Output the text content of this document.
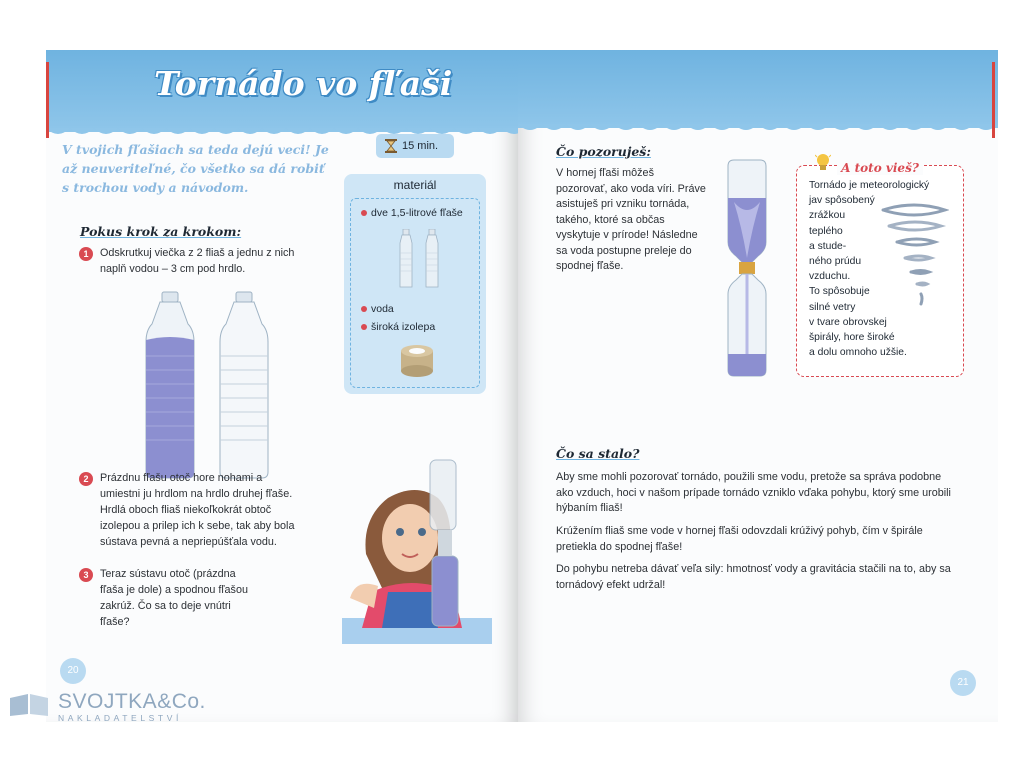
Tornádo vo fľaši
V tvojich fľašiach sa teda dejú veci! Je až neuveriteľné, čo všetko sa dá robiť s trochou vody a návodom.
15 min.
materiál
dve 1,5-litrové fľaše
voda
široká izolepa
Pokus krok za krokom:
1	Odskrutkuj viečka z 2 fliaš a jednu z nich naplň vodou – 3 cm pod hrdlo.
2	Prázdnu fľašu otoč hore nohami a umiestni ju hrdlom na hrdlo druhej fľaše. Hrdlá oboch fliaš niekoľkokrát obtoč izolepou a prilep ich k sebe, tak aby bola sústava pevná a nepriepúšťala vodu.
3	Teraz sústavu otoč (prázdna fľaša je dole) a spodnou fľašou zakrúž. Čo sa to deje vnútri fľaše?
20
Čo pozoruješ:
V hornej fľaši môžeš pozorovať, ako voda víri. Práve asistuješ pri vzniku tornáda, takého, ktoré sa občas vyskytuje v prírode! Následne sa voda postupne preleje do spodnej fľaše.
A toto vieš?
Tornádo je meteorologický
jav spôsobený
zrážkou
teplého
a stude-
ného prúdu
vzduchu.
To spôsobuje
silné vetry
v tvare obrovskej
špirály, hore široké
a dolu omnoho užšie.
Čo sa stalo?
Aby sme mohli pozorovať tornádo, použili sme vodu, pretože sa správa podobne ako vzduch, hoci v našom prípade tornádo vzniklo vďaka pohybu, ktorý sme urobili hýbaním fliaš!
Krúžením fliaš sme vode v hornej fľaši odovzdali krúživý pohyb, čím v špirále pretiekla do spodnej fľaše!
Do pohybu netreba dávať veľa sily: hmotnosť vody a gravitácia stačili na to, aby sa tornádový efekt udržal!
21
SVOJTKA&Co.
NAKLADATELSTVÍ
